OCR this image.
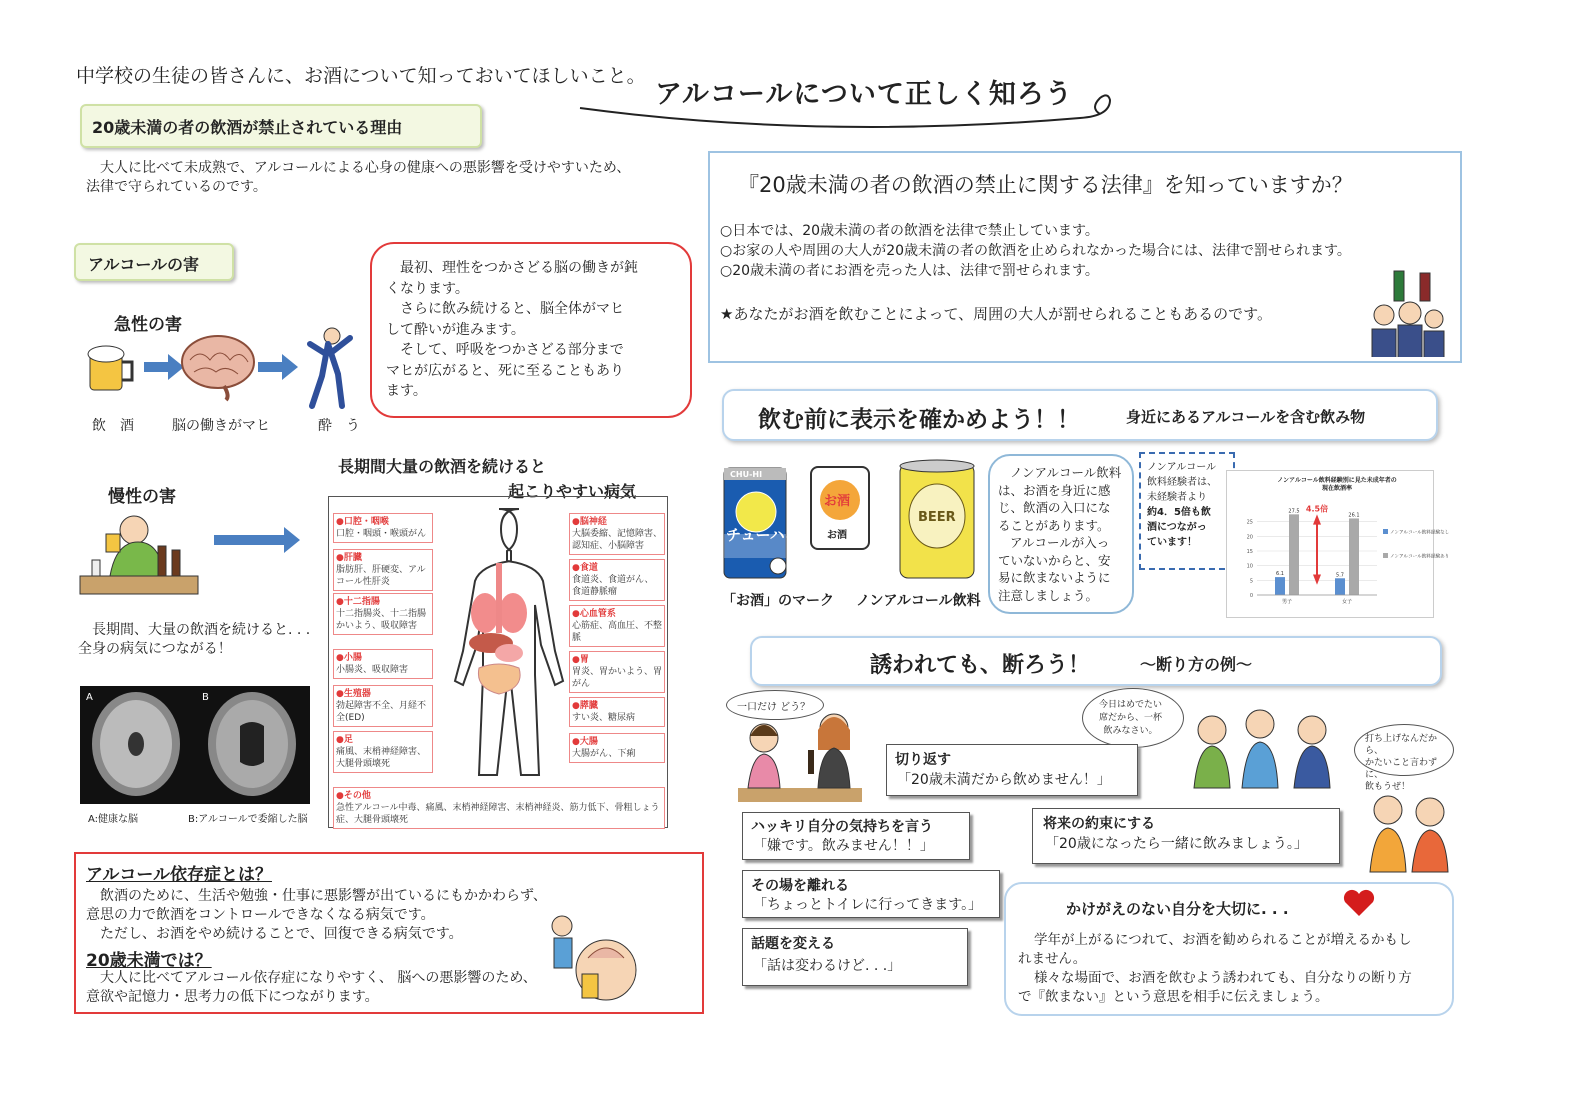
中学校の生徒の皆さんに、お酒について知っておいてほしいこと。
アルコールについて正しく知ろう
20歳未満の者の飲酒が禁止されている理由
大人に比べて未成熟で、アルコールによる心身の健康への悪影響を受けやすいため、
法律で守られているのです。
アルコールの害
急性の害
飲　酒	脳の働きがマヒ	酔　う
最初、理性をつかさどる脳の働きが鈍
くなります。
さらに飲み続けると、脳全体がマヒ
して酔いが進みます。
そして、呼吸をつかさどる部分まで
マヒが広がると、死に至ることもあり
ます。
慢性の害
長期間、大量の飲酒を続けると. . .
全身の病気につながる！
A	B
A:健康な脳	B:アルコールで委縮した脳
長期間大量の飲酒を続けると
起こりやすい病気
●口腔・咽喉
口腔・咽頭・喉頭がん
●肝臓
脂肪肝、肝硬変、アルコール性肝炎
●十二指腸
十二指腸炎、十二指腸かいよう、吸収障害
●小腸
小腸炎、吸収障害
●生殖器
勃起障害不全、月経不全(ED)
●足
痛風、末梢神経障害、大腿骨頭壊死
●その他
急性アルコール中毒、痛風、末梢神経障害、末梢神経炎、筋力低下、骨粗しょう症、大腿骨頭壊死
●脳神経
大脳委縮、記憶障害、認知症、小脳障害
●食道
食道炎、食道がん、食道静脈瘤
●心血管系
心筋症、高血圧、不整脈
●胃
胃炎、胃かいよう、胃がん
●膵臓
すい炎、糖尿病
●大腸
大腸がん、下痢
アルコール依存症とは？
飲酒のために、生活や勉強・仕事に悪影響が出ているにもかかわらず、
意思の力で飲酒をコントロールできなくなる病気です。
ただし、お酒をやめ続けることで、回復できる病気です。
20歳未満では？
大人に比べてアルコール依存症になりやすく、 脳への悪影響のため、
意欲や記憶力・思考力の低下につながります。
『20歳未満の者の飲酒の禁止に関する法律』を知っていますか？
○日本では、20歳未満の者の飲酒を法律で禁止しています。
○お家の人や周囲の大人が20歳未満の者の飲酒を止められなかった場合には、法律で罰せられます。
○20歳未満の者にお酒を売った人は、法律で罰せられます。
★あなたがお酒を飲むことによって、周囲の大人が罰せられることもあるのです。
飲む前に表示を確かめよう！！	身近にあるアルコールを含む飲み物
CHU-HI
チューハイ
お酒
お酒
BEER
「お酒」のマーク ノンアルコール飲料
ノンアルコール飲料
は、お酒を身近に感
じ、飲酒の入口にな
ることがあります。
アルコールが入っ
ていないからと、安
易に飲まないように
注意しましょう。
ノンアルコール
飲料経験者は、
未経験者より
約4．5倍も飲
酒につながっ
ています！
ノンアルコール飲料経験別に見た未成年者の現在飲酒率
25
20
15
10
5
0
6.1
27.5
男子
5.7
26.1
女子
4.5倍
ノンアルコール飲料経験なし
ノンアルコール飲料経験あり
誘われても、断ろう！	～断り方の例～
一口だけ どう？	今日はめでたい
席だから、一杯
飲みなさい。
打ち上げなんだから、
かたいこと言わずに、
飲もうぜ！
切り返す
「20歳未満だから飲めません！」
ハッキリ自分の気持ちを言う
「嫌です。飲みません！！」
将来の約束にする
「20歳になったら一緒に飲みましょう。」
その場を離れる
「ちょっとトイレに行ってきます。」
話題を変える
「話は変わるけど. . .」
かけがえのない自分を大切に. . .
学年が上がるにつれて、お酒を勧められることが増えるかもし
れません。
様々な場面で、お酒を飲むよう誘われても、自分なりの断り方
で『飲まない』という意思を相手に伝えましょう。
